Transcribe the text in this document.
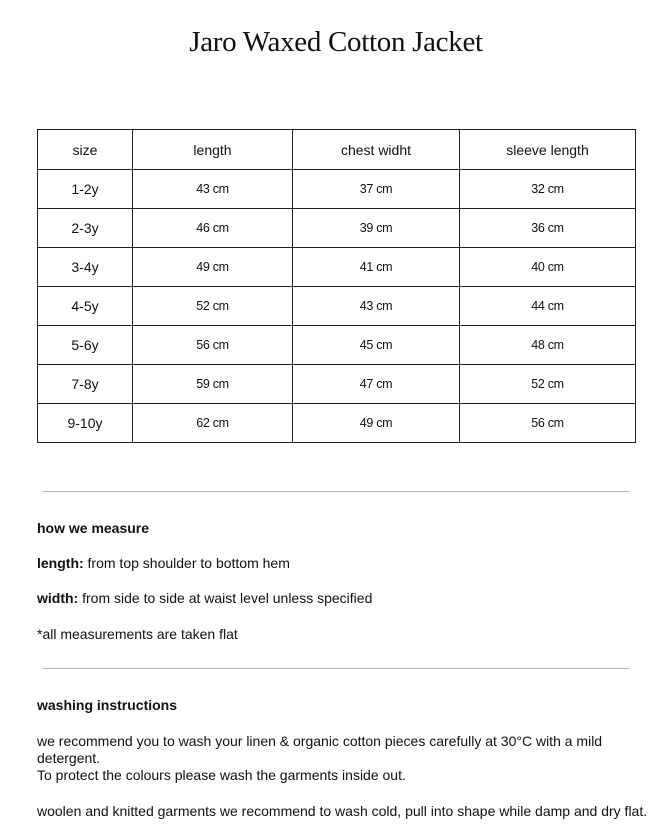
Jaro Waxed Cotton Jacket
size	length	chest widht	sleeve length
1-2y	43 cm	37 cm	32 cm
2-3y	46 cm	39 cm	36 cm
3-4y	49 cm	41 cm	40 cm
4-5y	52 cm	43 cm	44 cm
5-6y	56 cm	45 cm	48 cm
7-8y	59 cm	47 cm	52 cm
9-10y	62 cm	49 cm	56 cm
how we measure

length: from top shoulder to bottom hem

width: from side to side at waist level unless specified

*all measurements are taken flat

washing instructions

we recommend you to wash your linen & organic cotton pieces carefully at 30°C with a mild detergent.

To protect the colours please wash the garments inside out.

woolen and knitted garments we recommend to wash cold, pull into shape while damp and dry flat.
